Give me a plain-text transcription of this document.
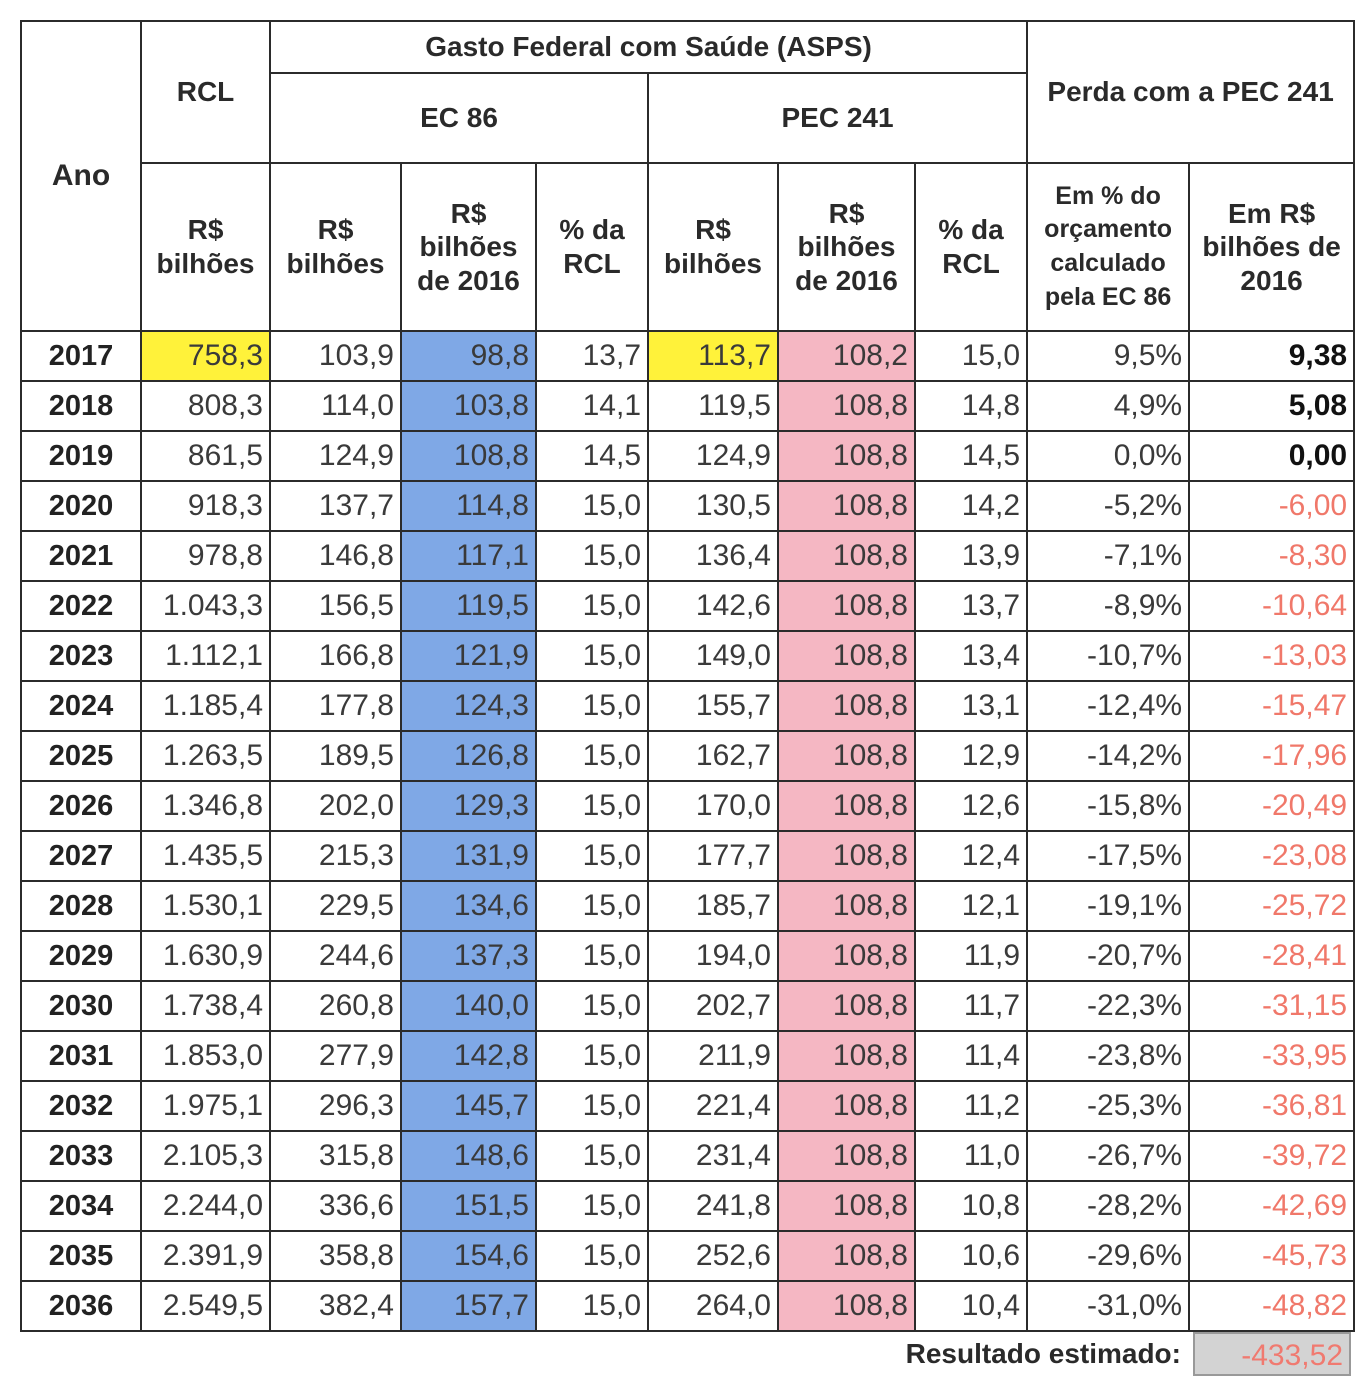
Ano	RCL	Gasto Federal com Saúde (ASPS)						Perda com a PEC 241	
		EC 86			PEC 241				
	R$ bilhões	R$ bilhões	R$ bilhões de 2016	% da RCL	R$ bilhões	R$ bilhões de 2016	% da RCL	Em % do orçamento calculado pela EC 86	Em R$ bilhões de 2016
2017	758,3	103,9	98,8	13,7	113,7	108,2	15,0	9,5%	9,38
2018	808,3	114,0	103,8	14,1	119,5	108,8	14,8	4,9%	5,08
2019	861,5	124,9	108,8	14,5	124,9	108,8	14,5	0,0%	0,00
2020	918,3	137,7	114,8	15,0	130,5	108,8	14,2	-5,2%	-6,00
2021	978,8	146,8	117,1	15,0	136,4	108,8	13,9	-7,1%	-8,30
2022	1.043,3	156,5	119,5	15,0	142,6	108,8	13,7	-8,9%	-10,64
2023	1.112,1	166,8	121,9	15,0	149,0	108,8	13,4	-10,7%	-13,03
2024	1.185,4	177,8	124,3	15,0	155,7	108,8	13,1	-12,4%	-15,47
2025	1.263,5	189,5	126,8	15,0	162,7	108,8	12,9	-14,2%	-17,96
2026	1.346,8	202,0	129,3	15,0	170,0	108,8	12,6	-15,8%	-20,49
2027	1.435,5	215,3	131,9	15,0	177,7	108,8	12,4	-17,5%	-23,08
2028	1.530,1	229,5	134,6	15,0	185,7	108,8	12,1	-19,1%	-25,72
2029	1.630,9	244,6	137,3	15,0	194,0	108,8	11,9	-20,7%	-28,41
2030	1.738,4	260,8	140,0	15,0	202,7	108,8	11,7	-22,3%	-31,15
2031	1.853,0	277,9	142,8	15,0	211,9	108,8	11,4	-23,8%	-33,95
2032	1.975,1	296,3	145,7	15,0	221,4	108,8	11,2	-25,3%	-36,81
2033	2.105,3	315,8	148,6	15,0	231,4	108,8	11,0	-26,7%	-39,72
2034	2.244,0	336,6	151,5	15,0	241,8	108,8	10,8	-28,2%	-42,69
2035	2.391,9	358,8	154,6	15,0	252,6	108,8	10,6	-29,6%	-45,73
2036	2.549,5	382,4	157,7	15,0	264,0	108,8	10,4	-31,0%	-48,82
Resultado estimado:	-433,52
